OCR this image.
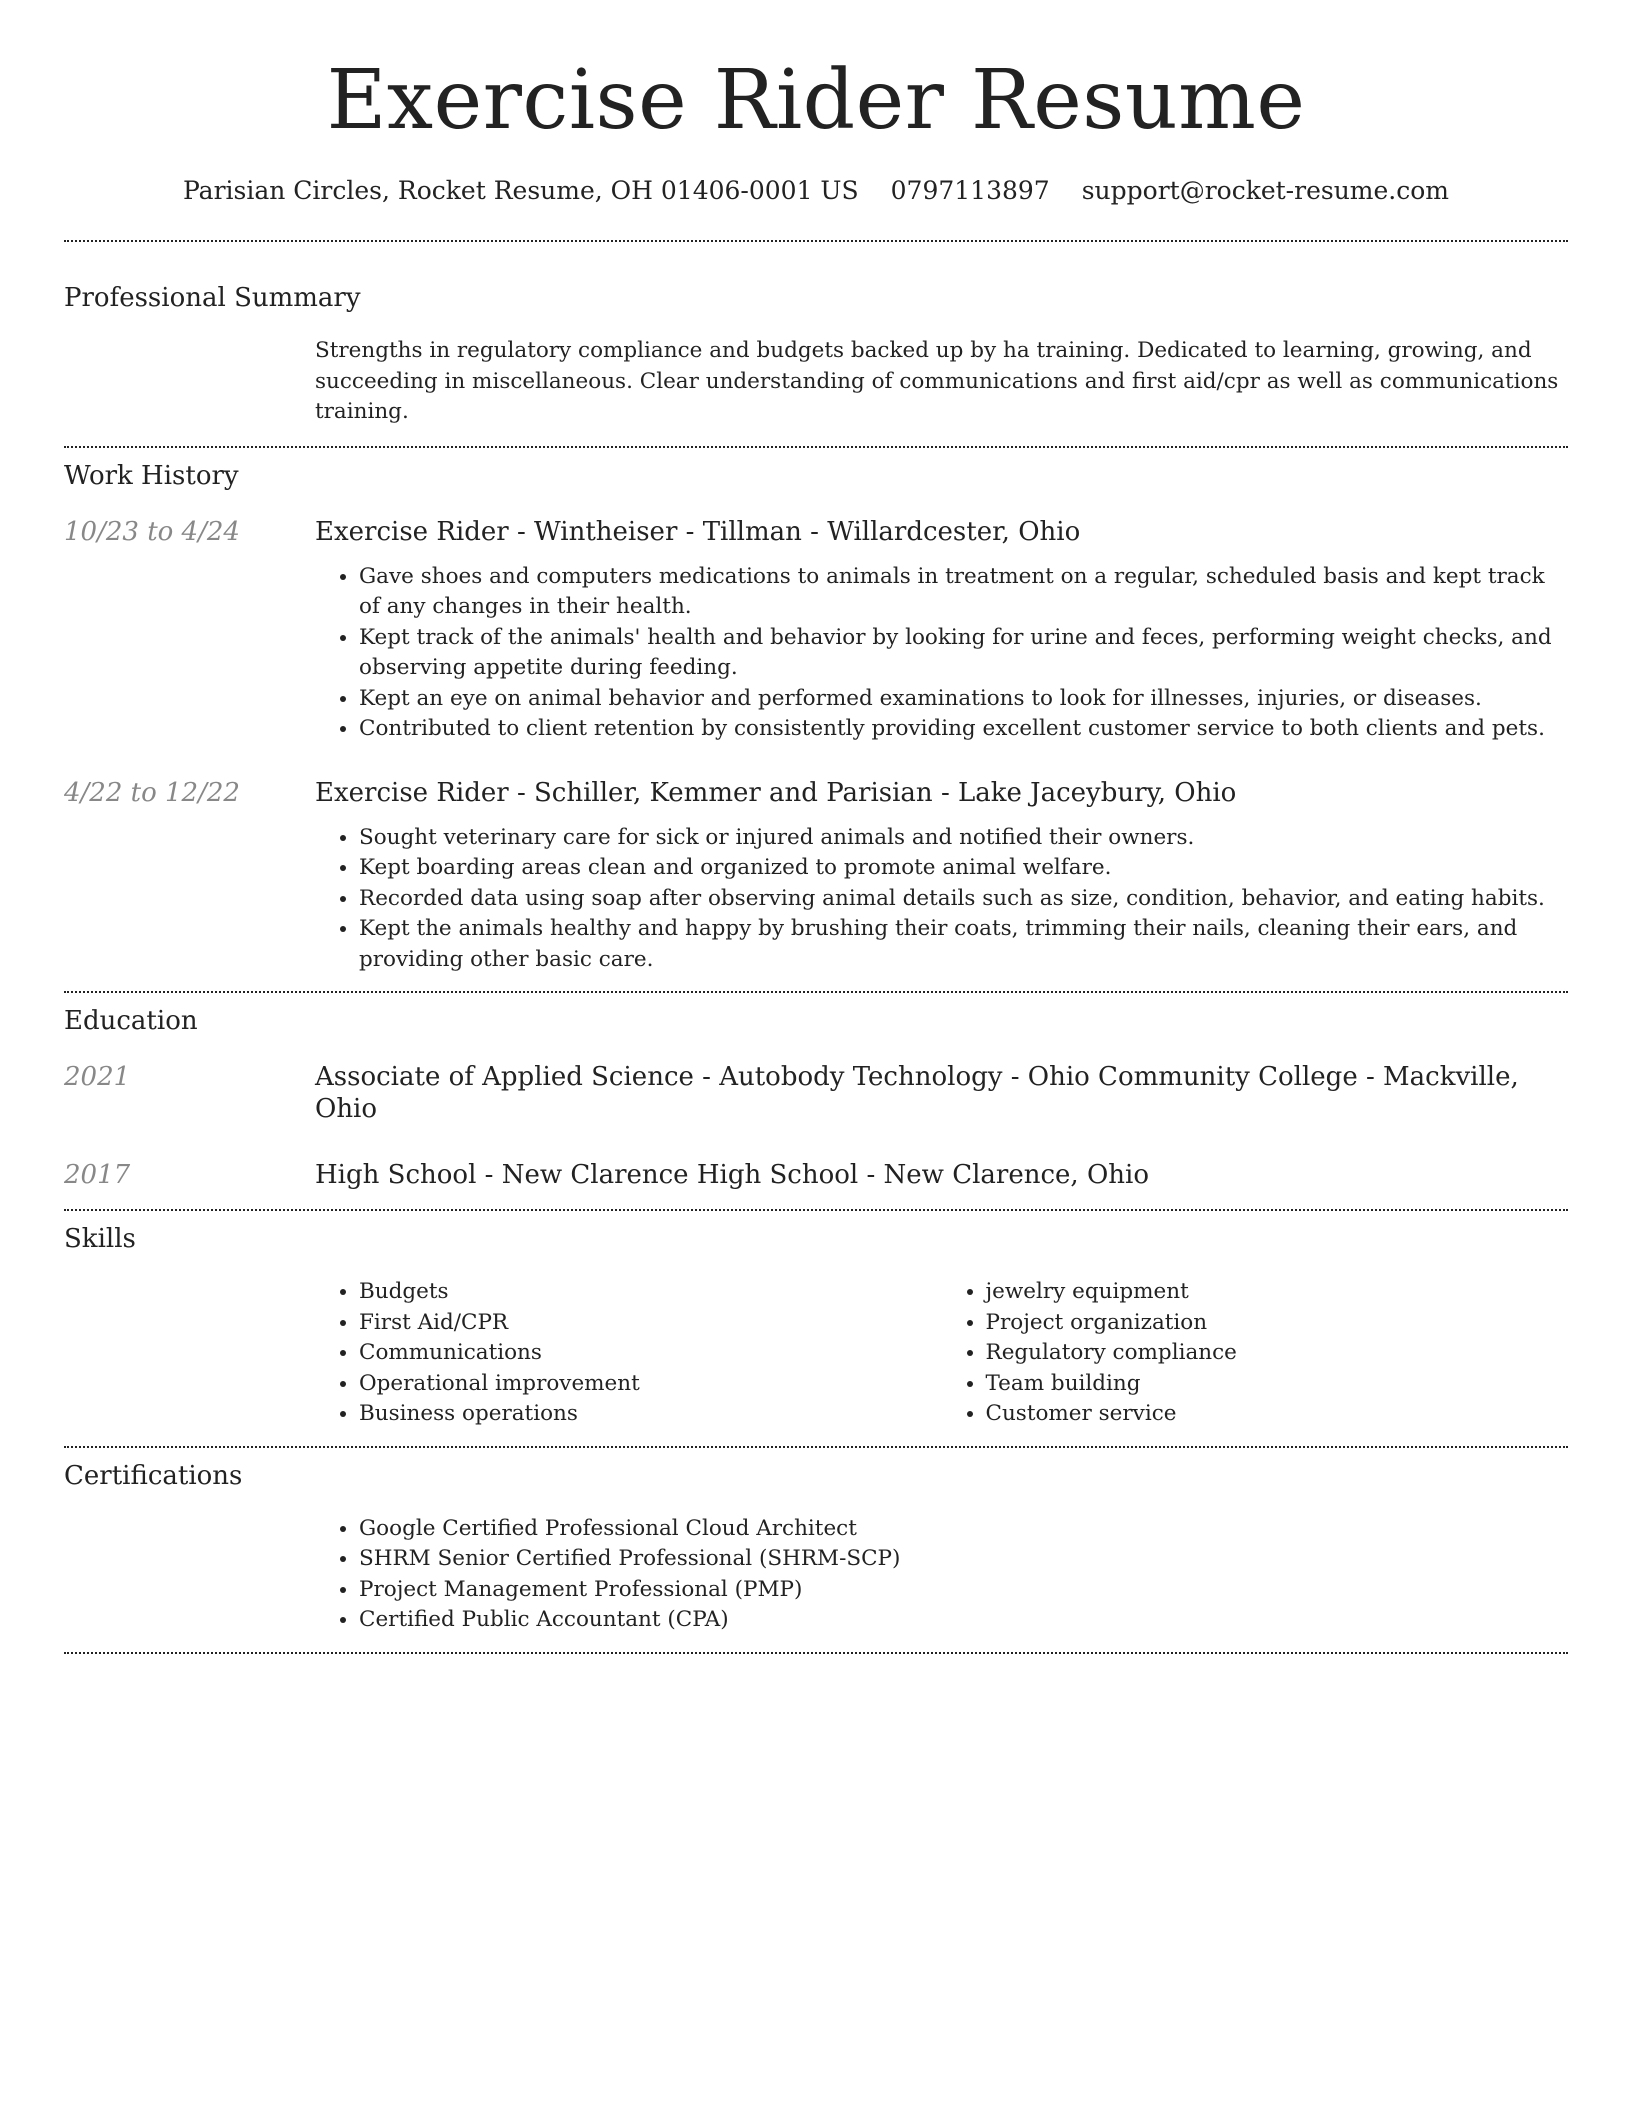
Exercise Rider Resume
Parisian Circles, Rocket Resume, OH 01406-0001 US 0797113897 support@rocket-resume.com
Professional Summary

Strengths in regulatory compliance and budgets backed up by ha training. Dedicated to learning, growing, and succeeding in miscellaneous. Clear understanding of communications and first aid/cpr as well as communications training.

Work History
10/23 to 4/24	Exercise Rider - Wintheiser - Tillman - Willardcester, Ohio
• Gave shoes and computers medications to animals in treatment on a regular, scheduled basis and kept track of any changes in their health.
• Kept track of the animals' health and behavior by looking for urine and feces, performing weight checks, and observing appetite during feeding.
• Kept an eye on animal behavior and performed examinations to look for illnesses, injuries, or diseases.
• Contributed to client retention by consistently providing excellent customer service to both clients and pets.
4/22 to 12/22	Exercise Rider - Schiller, Kemmer and Parisian - Lake Jaceybury, Ohio
• Sought veterinary care for sick or injured animals and notified their owners.
• Kept boarding areas clean and organized to promote animal welfare.
• Recorded data using soap after observing animal details such as size, condition, behavior, and eating habits.
• Kept the animals healthy and happy by brushing their coats, trimming their nails, cleaning their ears, and providing other basic care.
Education
2021	Associate of Applied Science - Autobody Technology - Ohio Community College - Mackville, Ohio
2017	High School - New Clarence High School - New Clarence, Ohio
Skills
• Budgets
• First Aid/CPR
• Communications
• Operational improvement
• Business operations
• jewelry equipment
• Project organization
• Regulatory compliance
• Team building
• Customer service
Certifications
• Google Certified Professional Cloud Architect
• SHRM Senior Certified Professional (SHRM-SCP)
• Project Management Professional (PMP)
• Certified Public Accountant (CPA)
